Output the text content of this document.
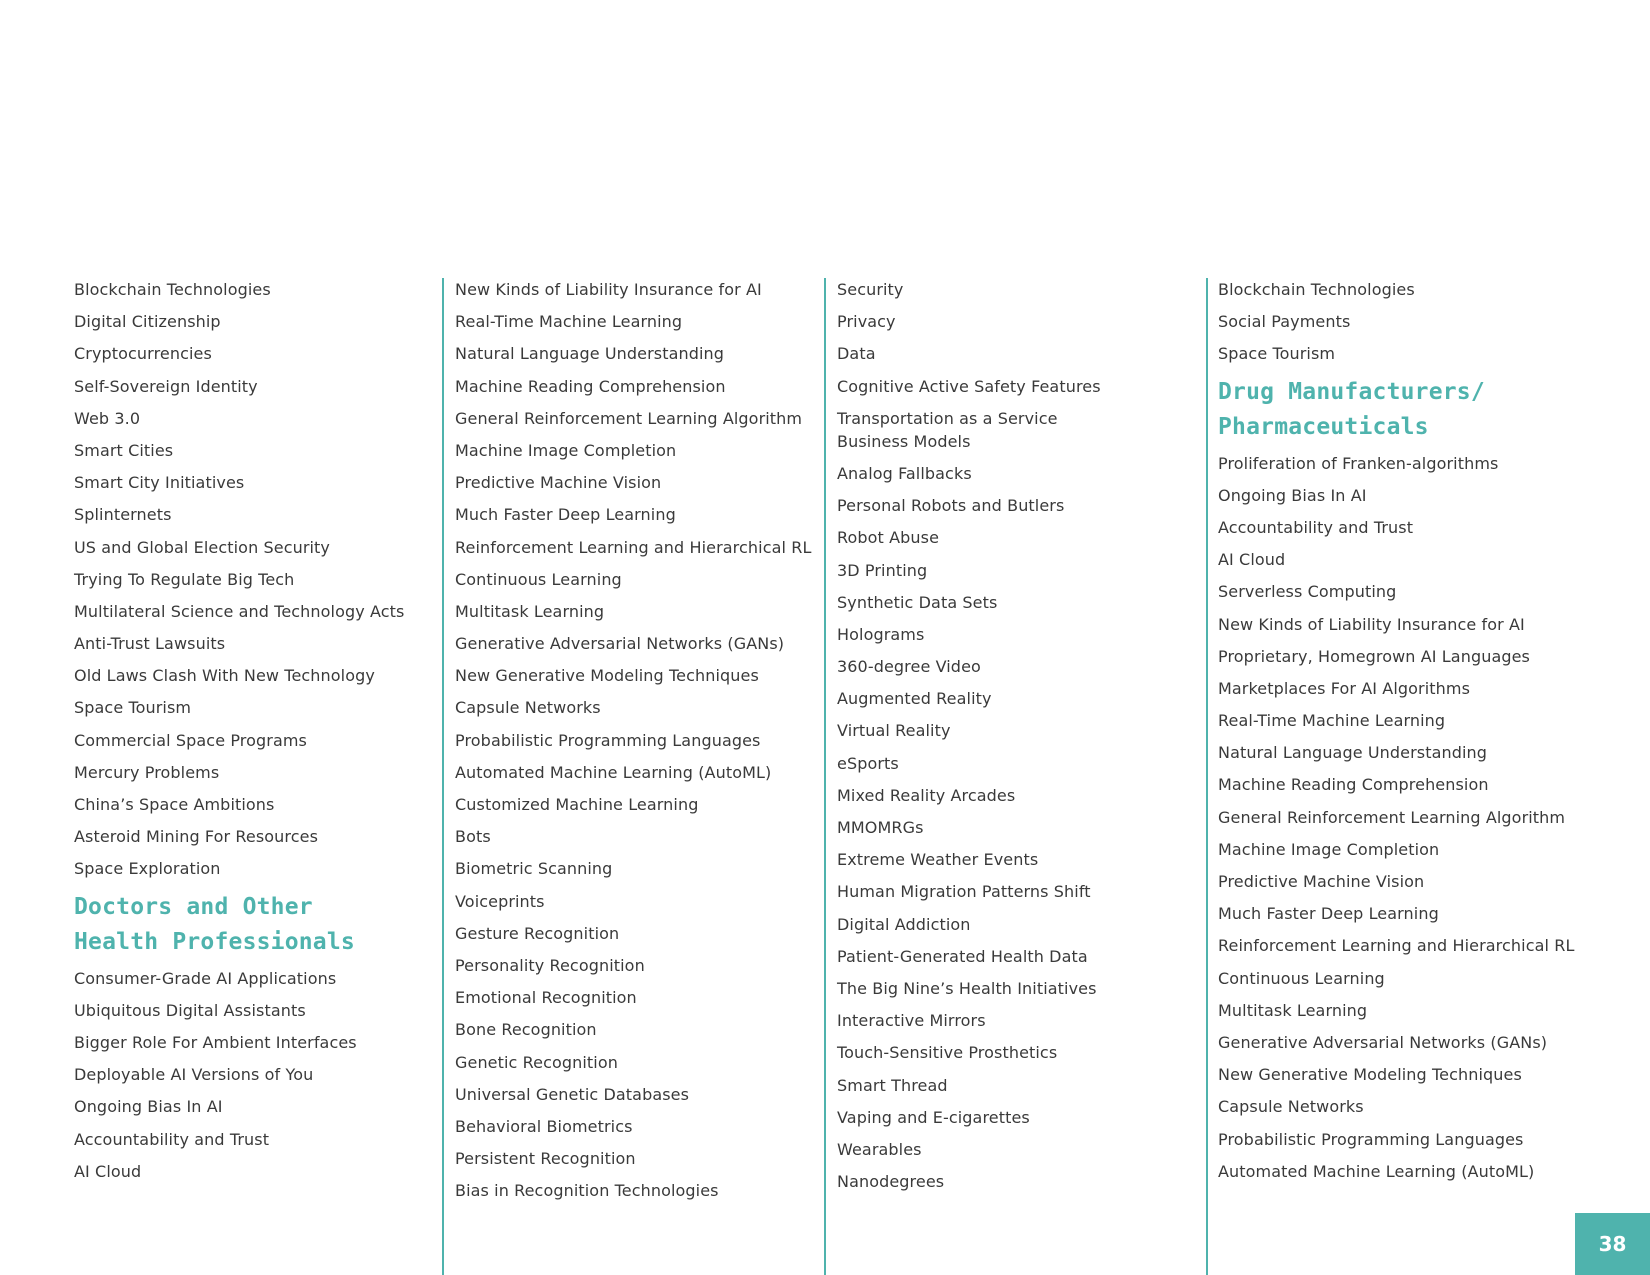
Blockchain Technologies
Digital Citizenship
Cryptocurrencies
Self-Sovereign Identity
Web 3.0
Smart Cities
Smart City Initiatives
Splinternets
US and Global Election Security
Trying To Regulate Big Tech
Multilateral Science and Technology Acts
Anti-Trust Lawsuits
Old Laws Clash With New Technology
Space Tourism
Commercial Space Programs
Mercury Problems
China’s Space Ambitions
Asteroid Mining For Resources
Space Exploration
Doctors and Other
Health Professionals
Consumer-Grade AI Applications
Ubiquitous Digital Assistants
Bigger Role For Ambient Interfaces
Deployable AI Versions of You
Ongoing Bias In AI
Accountability and Trust
AI Cloud
New Kinds of Liability Insurance for AI
Real-Time Machine Learning
Natural Language Understanding
Machine Reading Comprehension
General Reinforcement Learning Algorithm
Machine Image Completion
Predictive Machine Vision
Much Faster Deep Learning
Reinforcement Learning and Hierarchical RL
Continuous Learning
Multitask Learning
Generative Adversarial Networks (GANs)
New Generative Modeling Techniques
Capsule Networks
Probabilistic Programming Languages
Automated Machine Learning (AutoML)
Customized Machine Learning
Bots
Biometric Scanning
Voiceprints
Gesture Recognition
Personality Recognition
Emotional Recognition
Bone Recognition
Genetic Recognition
Universal Genetic Databases
Behavioral Biometrics
Persistent Recognition
Bias in Recognition Technologies
Security
Privacy
Data
Cognitive Active Safety Features
Transportation as a Service Business Models
Analog Fallbacks
Personal Robots and Butlers
Robot Abuse
3D Printing
Synthetic Data Sets
Holograms
360-degree Video
Augmented Reality
Virtual Reality
eSports
Mixed Reality Arcades
MMOMRGs
Extreme Weather Events
Human Migration Patterns Shift
Digital Addiction
Patient-Generated Health Data
The Big Nine’s Health Initiatives
Interactive Mirrors
Touch-Sensitive Prosthetics
Smart Thread
Vaping and E-cigarettes
Wearables
Nanodegrees
Blockchain Technologies
Social Payments
Space Tourism
Drug Manufacturers/
Pharmaceuticals
Proliferation of Franken-algorithms
Ongoing Bias In AI
Accountability and Trust
AI Cloud
Serverless Computing
New Kinds of Liability Insurance for AI
Proprietary, Homegrown AI Languages
Marketplaces For AI Algorithms
Real-Time Machine Learning
Natural Language Understanding
Machine Reading Comprehension
General Reinforcement Learning Algorithm
Machine Image Completion
Predictive Machine Vision
Much Faster Deep Learning
Reinforcement Learning and Hierarchical RL
Continuous Learning
Multitask Learning
Generative Adversarial Networks (GANs)
New Generative Modeling Techniques
Capsule Networks
Probabilistic Programming Languages
Automated Machine Learning (AutoML)
38
